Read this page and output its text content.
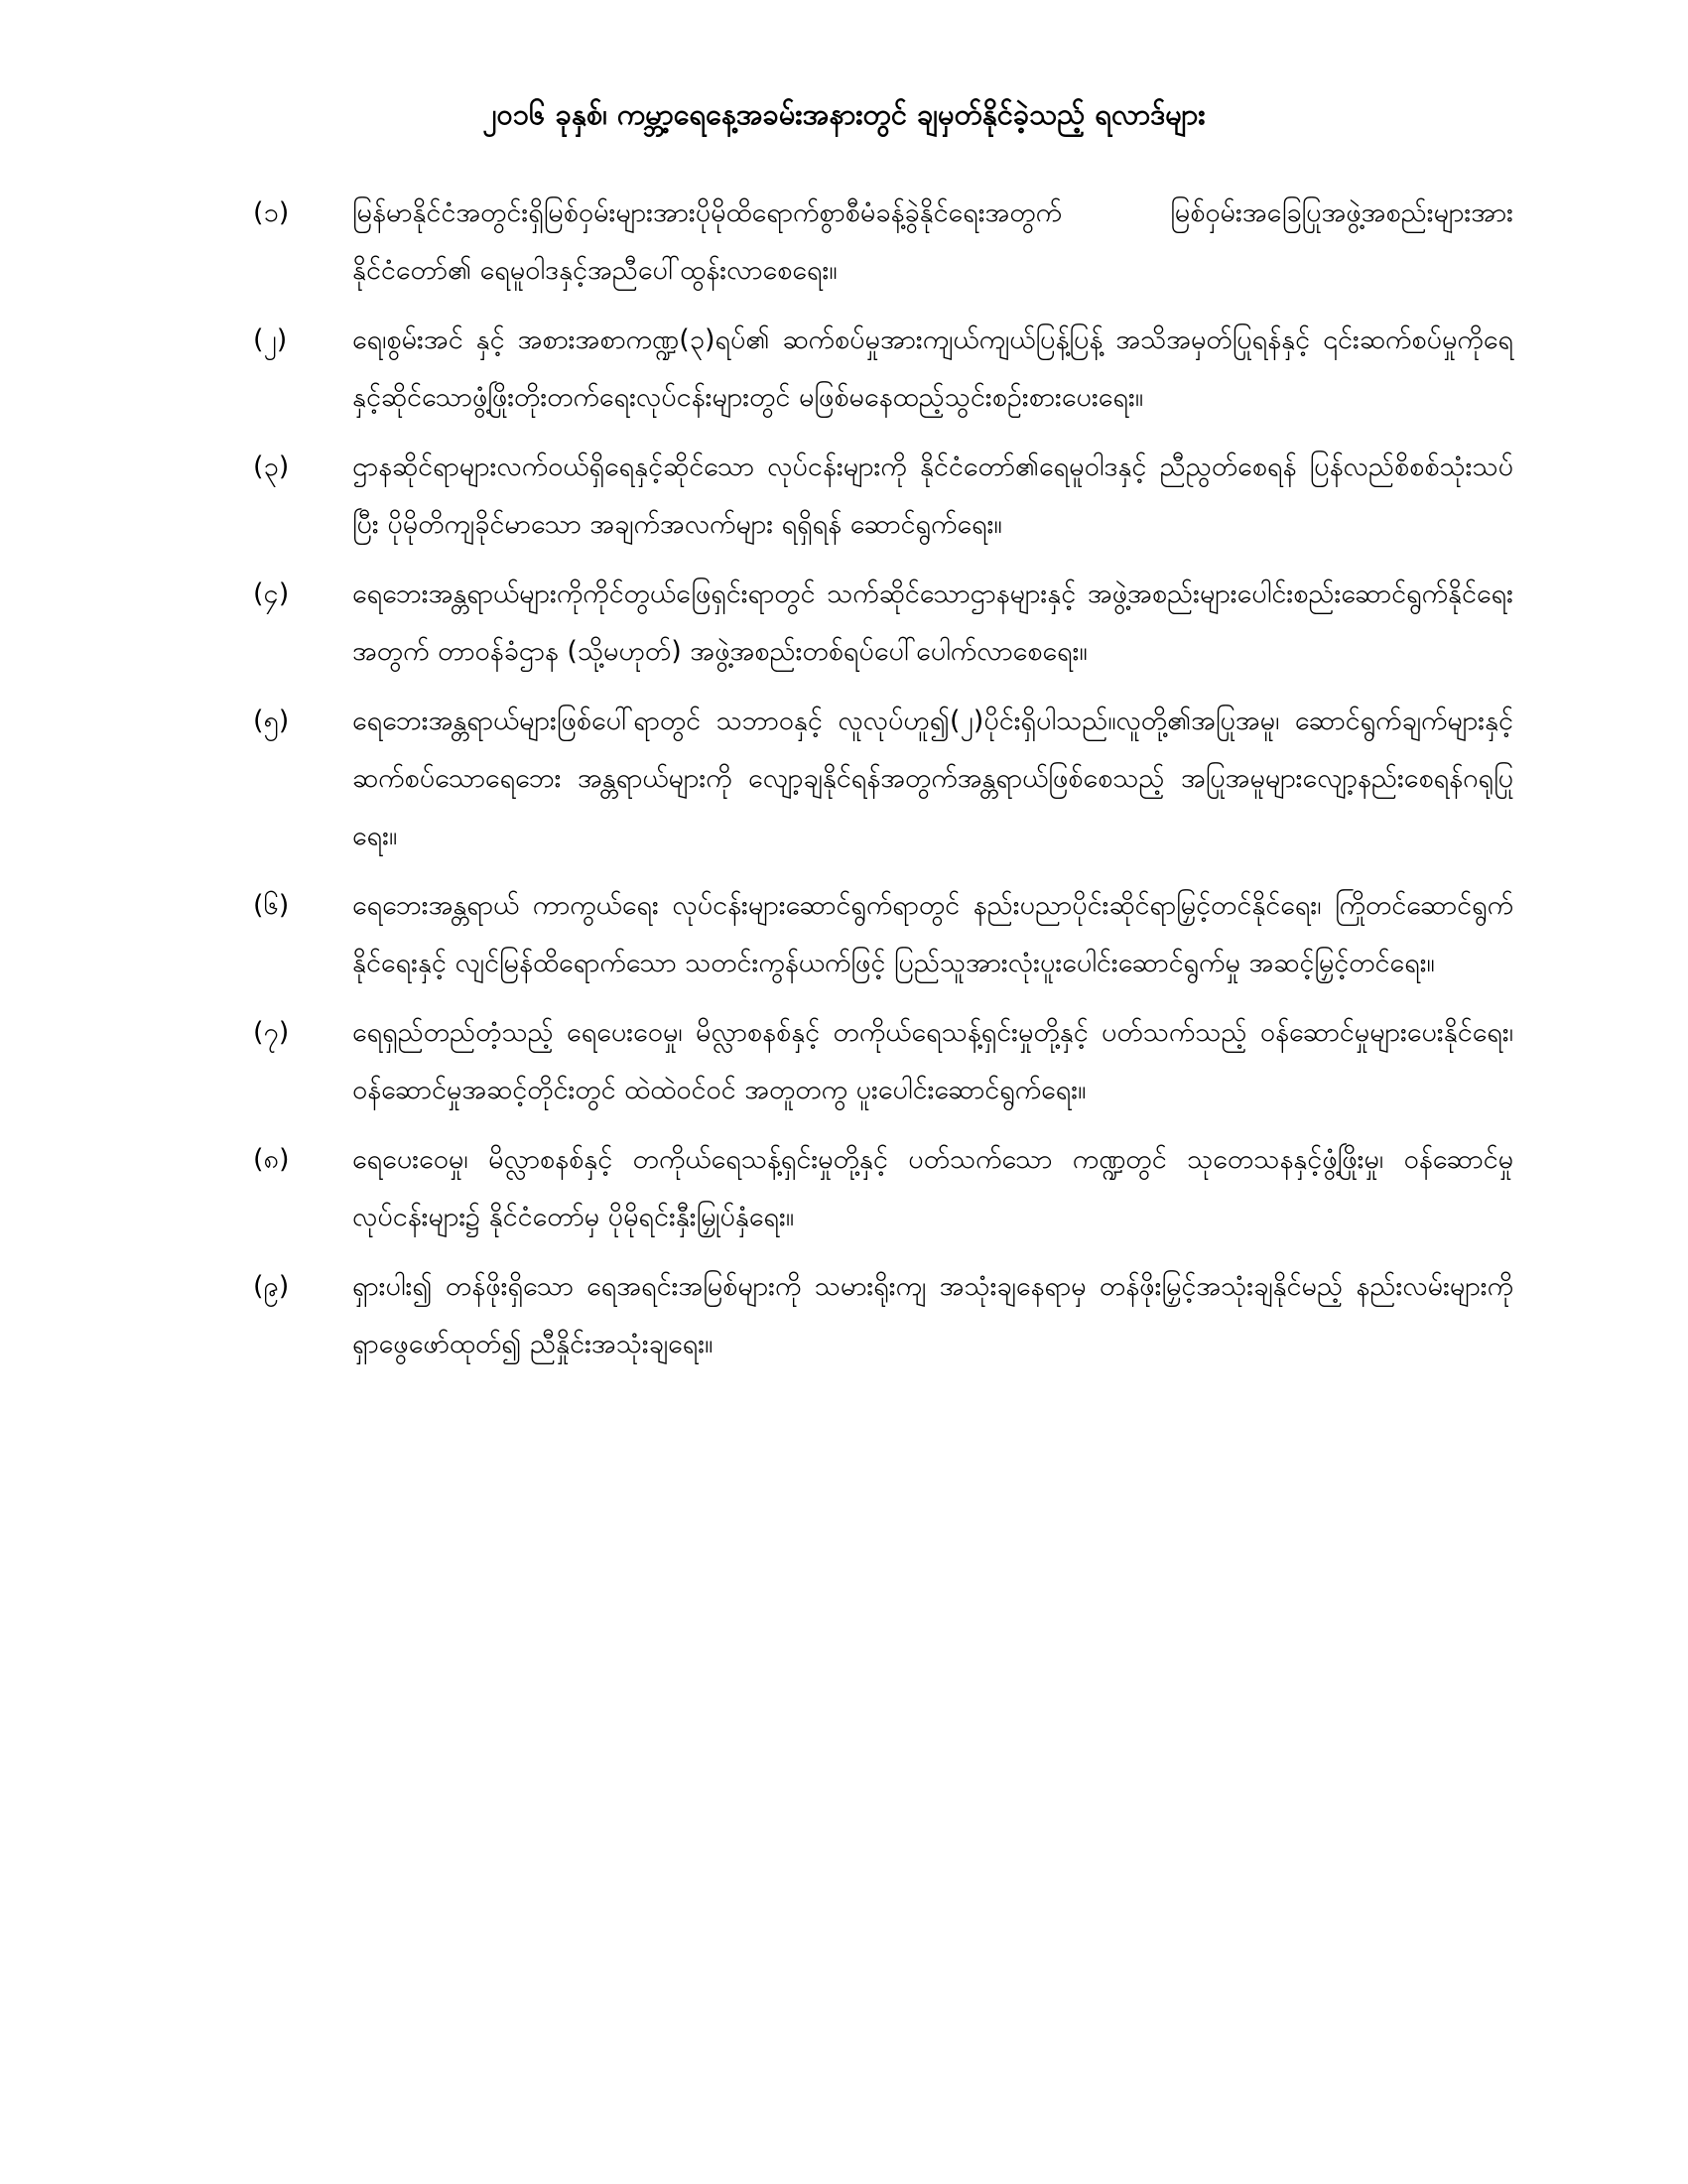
၂၀၁၆ ခုနှစ်၊ ကမ္ဘာ့ရေနေ့အခမ်းအနားတွင် ချမှတ်နိုင်ခဲ့သည့် ရလာဒ်များ
(၁)	မြန်မာနိုင်ငံအတွင်းရှိမြစ်ဝှမ်းများအားပိုမိုထိရောက်စွာစီမံခန့်ခွဲနိုင်ရေးအတွက် မြစ်ဝှမ်းအခြေပြုအဖွဲ့အစည်းများအားနိုင်ငံတော်၏ ရေမူဝါဒနှင့်အညီပေါ်ထွန်းလာစေရေး။
(၂)	ရေ၊စွမ်းအင် နှင့် အစားအစာကဏ္ဍ(၃)ရပ်၏ ဆက်စပ်မှုအားကျယ်ကျယ်ပြန့်ပြန့် အသိအမှတ်ပြုရန်နှင့် ၎င်းဆက်စပ်မှုကိုရေနှင့်ဆိုင်သောဖွံ့ဖြိုးတိုးတက်ရေးလုပ်ငန်းများတွင် မဖြစ်မနေထည့်သွင်းစဉ်းစားပေးရေး။
(၃)	ဌာနဆိုင်ရာများလက်ဝယ်ရှိရေနှင့်ဆိုင်သော လုပ်ငန်းများကို နိုင်ငံတော်၏ရေမူဝါဒနှင့် ညီညွတ်စေရန် ပြန်လည်စိစစ်သုံးသပ်ပြီး ပိုမိုတိကျခိုင်မာသော အချက်အလက်များ ရရှိရန် ဆောင်ရွက်ရေး။
(၄)	ရေဘေးအန္တရာယ်များကိုကိုင်တွယ်ဖြေရှင်းရာတွင် သက်ဆိုင်သောဌာနများနှင့် အဖွဲ့အစည်းများပေါင်းစည်းဆောင်ရွက်နိုင်ရေးအတွက် တာဝန်ခံဌာန (သို့မဟုတ်) အဖွဲ့အစည်းတစ်ရပ်ပေါ်ပေါက်လာစေရေး။
(၅)	ရေဘေးအန္တရာယ်များဖြစ်ပေါ်ရာတွင် သဘာဝနှင့် လူလုပ်ဟူ၍(၂)ပိုင်းရှိပါသည်။လူတို့၏အပြုအမူ၊ ဆောင်ရွက်ချက်များနှင့် ဆက်စပ်သောရေဘေး အန္တရာယ်များကို လျော့ချနိုင်ရန်အတွက်အန္တရာယ်ဖြစ်စေသည့် အပြုအမူများလျော့နည်းစေရန်ဂရုပြုရေး။
(၆)	ရေဘေးအန္တရာယ် ကာကွယ်ရေး လုပ်ငန်းများဆောင်ရွက်ရာတွင် နည်းပညာပိုင်းဆိုင်ရာမြှင့်တင်နိုင်ရေး၊ ကြိုတင်ဆောင်ရွက်နိုင်ရေးနှင့် လျင်မြန်ထိရောက်သော သတင်းကွန်ယက်ဖြင့် ပြည်သူအားလုံးပူးပေါင်းဆောင်ရွက်မှု အဆင့်မြှင့်တင်ရေး။
(၇)	ရေရှည်တည်တံ့သည့် ရေပေးဝေမှု၊ မိလ္လာစနစ်နှင့် တကိုယ်ရေသန့်ရှင်းမှုတို့နှင့် ပတ်သက်သည့် ဝန်ဆောင်မှုများပေးနိုင်ရေး၊ ဝန်ဆောင်မှုအဆင့်တိုင်းတွင် ထဲထဲဝင်ဝင် အတူတကွ ပူးပေါင်းဆောင်ရွက်ရေး။
(၈)	ရေပေးဝေမှု၊ မိလ္လာစနစ်နှင့် တကိုယ်ရေသန့်ရှင်းမှုတို့နှင့် ပတ်သက်သော ကဏ္ဍတွင် သုတေသနနှင့်ဖွံ့ဖြိုးမှု၊ ဝန်ဆောင်မှု လုပ်ငန်းများ၌ နိုင်ငံတော်မှ ပိုမိုရင်းနှီးမြှုပ်နှံရေး။
(၉)	ရှားပါး၍ တန်ဖိုးရှိသော ရေအရင်းအမြစ်များကို သမားရိုးကျ အသုံးချနေရာမှ တန်ဖိုးမြှင့်အသုံးချနိုင်မည့် နည်းလမ်းများကိုရှာဖွေဖော်ထုတ်၍ ညီနှိုင်းအသုံးချရေး။
